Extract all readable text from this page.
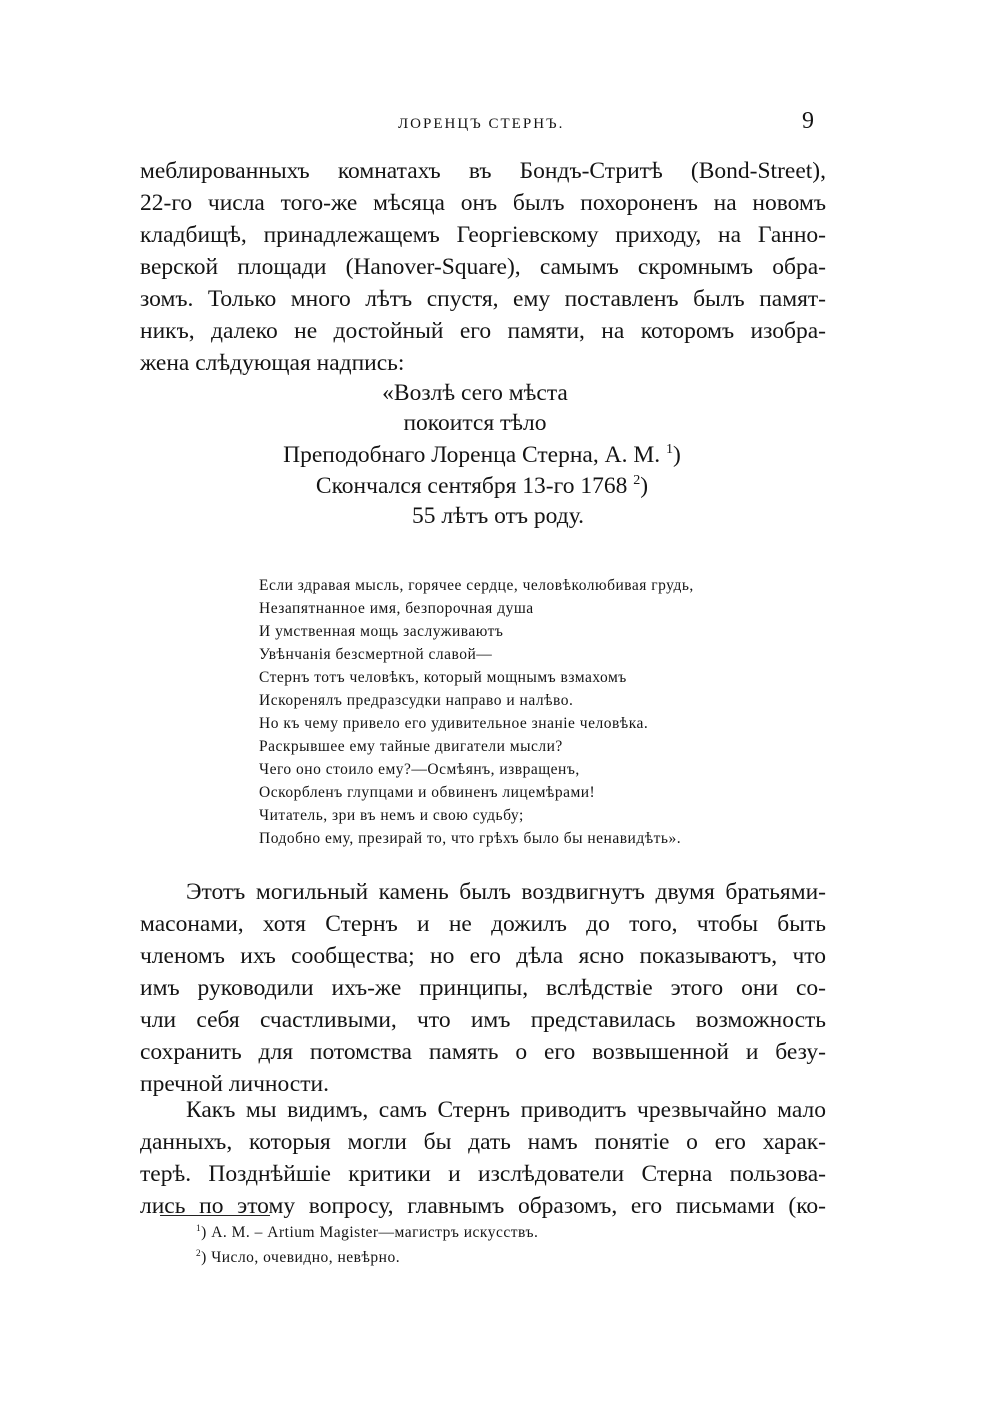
ЛОРЕНЦЪ СТЕРНЪ.	9
меблированныхъ комнатахъ въ Бондъ-Стритѣ (Bond-Street),
22-го числа того-же мѣсяца онъ былъ похороненъ на новомъ
кладбищѣ, принадлежащемъ Георгіевскому приходу, на Ганно-
верской площади (Hanover-Square), самымъ скромнымъ обра-
зомъ. Только много лѣтъ спустя, ему поставленъ былъ памят-
никъ, далеко не достойный его памяти, на которомъ изобра-
жена слѣдующая надпись:
«Возлѣ сего мѣста
покоится тѣло
Преподобнаго Лоренца Стерна, А. М. $^1$)
Скончался сентября 13-го 1768 $^2$)
55 лѣтъ отъ роду.
Если здравая мысль, горячее сердце, человѣколюбивая грудь,
Незапятнанное имя, безпорочная душа
И умственная мощь заслуживаютъ
Увѣнчанія безсмертной славой—
Стернъ тотъ человѣкъ, который мощнымъ взмахомъ
Искоренялъ предразсудки направо и налѣво.
Но къ чему привело его удивительное знаніе человѣка.
Раскрывшее ему тайные двигатели мысли?
Чего оно стоило ему?—Осмѣянъ, извращенъ,
Оскорбленъ глупцами и обвиненъ лицемѣрами!
Читатель, зри въ немъ и свою судьбу;
Подобно ему, презирай то, что грѣхъ было бы ненавидѣть».
Этотъ могильный камень былъ воздвигнутъ двумя братьями-
масонами, хотя Стернъ и не дожилъ до того, чтобы быть
членомъ ихъ сообщества; но его дѣла ясно показываютъ, что
имъ руководили ихъ-же принципы, вслѣдствіе этого они со-
чли себя счастливыми, что имъ представилась возможность
сохранить для потомства память о его возвышенной и безу-
пречной личности.
Какъ мы видимъ, самъ Стернъ приводитъ чрезвычайно мало
данныхъ, которыя могли бы дать намъ понятіе о его харак-
терѣ. Позднѣйшіе критики и изслѣдователи Стерна пользова-
лись по этому вопросу, главнымъ образомъ, его письмами (ко-
$^1$) А. М. – Artium Magister—магистръ искусствъ.
$^2$) Число, очевидно, невѣрно.
